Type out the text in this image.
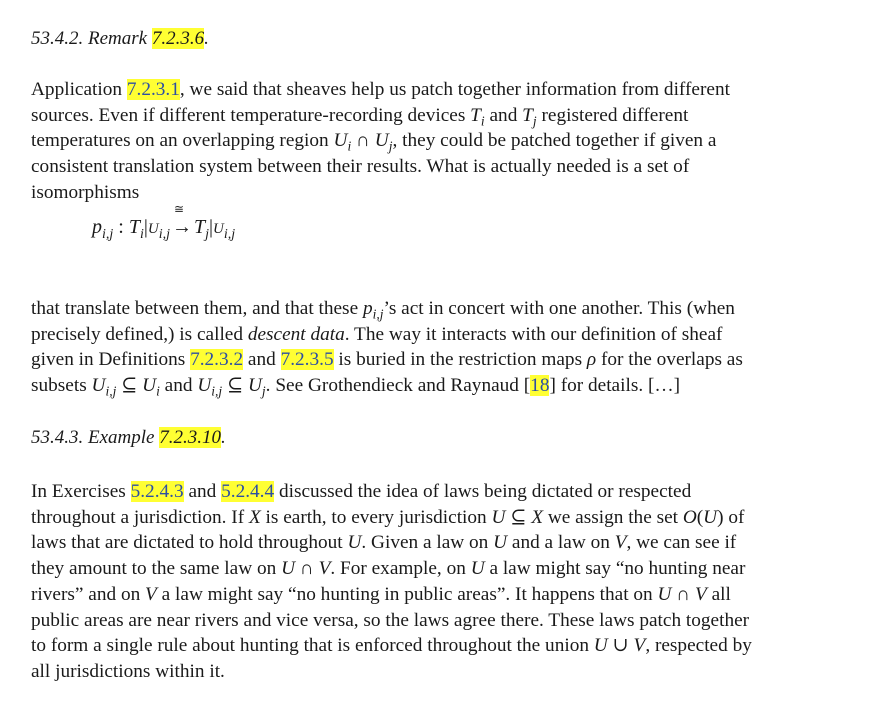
53.4.2. Remark 7.2.3.6.
Application 7.2.3.1, we said that sheaves help us patch together information from different
sources. Even if different temperature-recording devices $T_i$ and $T_j$ registered different
temperatures on an overlapping region $U_i$ ∩ $U_j$, they could be patched together if given a
consistent translation system between their results. What is actually needed is a set of
isomorphisms
$p_{i,j}$ : $T_i|U_{i,j}$
≅
→ $T_j|U_{i,j}$
that translate between them, and that these $p_{i,j}’s$ act in concert with one another. This (when
precisely defined,) is called descent data. The way it interacts with our definition of sheaf
given in Definitions 7.2.3.2 and 7.2.3.5 is buried in the restriction maps ρ for the overlaps as
subsets $U_{i,j}$ ⊆ $U_i$ and $U_{i,j}$ ⊆ $U_j$. See Grothendieck and Raynaud [18] for details. […]
53.4.3. Example 7.2.3.10.
In Exercises 5.2.4.3 and 5.2.4.4 discussed the idea of laws being dictated or respected
throughout a jurisdiction. If X is earth, to every jurisdiction U ⊆ X we assign the set O(U) of
laws that are dictated to hold throughout U. Given a law on U and a law on V, we can see if
they amount to the same law on U ∩ V. For example, on U a law might say “no hunting near
rivers” and on V a law might say “no hunting in public areas”. It happens that on U ∩ V all
public areas are near rivers and vice versa, so the laws agree there. These laws patch together
to form a single rule about hunting that is enforced throughout the union U ∪ V, respected by
all jurisdictions within it.
